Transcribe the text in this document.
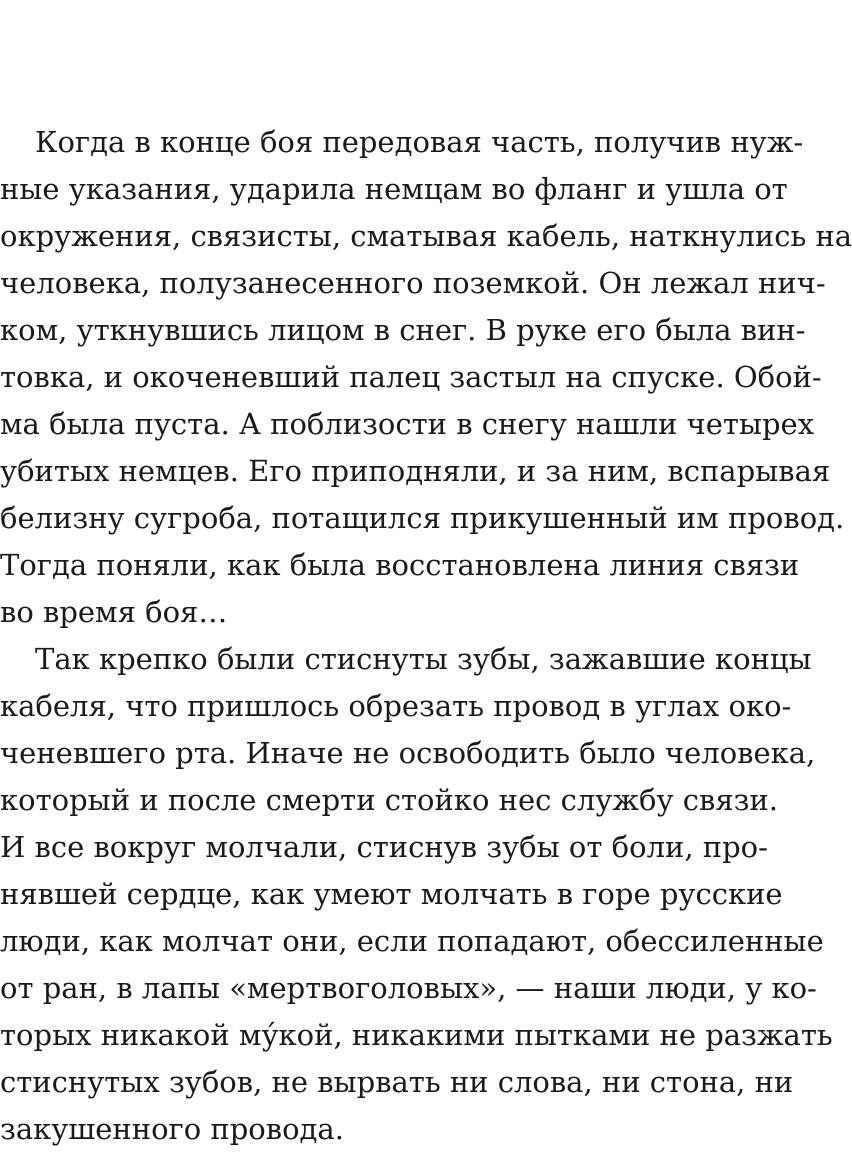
Когда в конце боя передовая часть, получив нуж-
ные указания, ударила немцам во фланг и ушла от
окружения, связисты, сматывая кабель, наткнулись на
человека, полузанесенного поземкой. Он лежал нич-
ком, уткнувшись лицом в снег. В руке его была вин-
товка, и окоченевший палец застыл на спуске. Обой-
ма была пуста. А поблизости в снегу нашли четырех
убитых немцев. Его приподняли, и за ним, вспарывая
белизну сугроба, потащился прикушенный им провод.
Тогда поняли, как была восстановлена линия связи
во время боя…
Так крепко были стиснуты зубы, зажавшие концы
кабеля, что пришлось обрезать провод в углах око-
ченевшего рта. Иначе не освободить было человека,
который и после смерти стойко нес службу связи.
И все вокруг молчали, стиснув зубы от боли, про-
нявшей сердце, как умеют молчать в горе русские
люди, как молчат они, если попадают, обессиленные
от ран, в лапы «мертвоголовых», — наши люди, у ко-
торых никакой му́кой, никакими пытками не разжать
стиснутых зубов, не вырвать ни слова, ни стона, ни
закушенного провода.
